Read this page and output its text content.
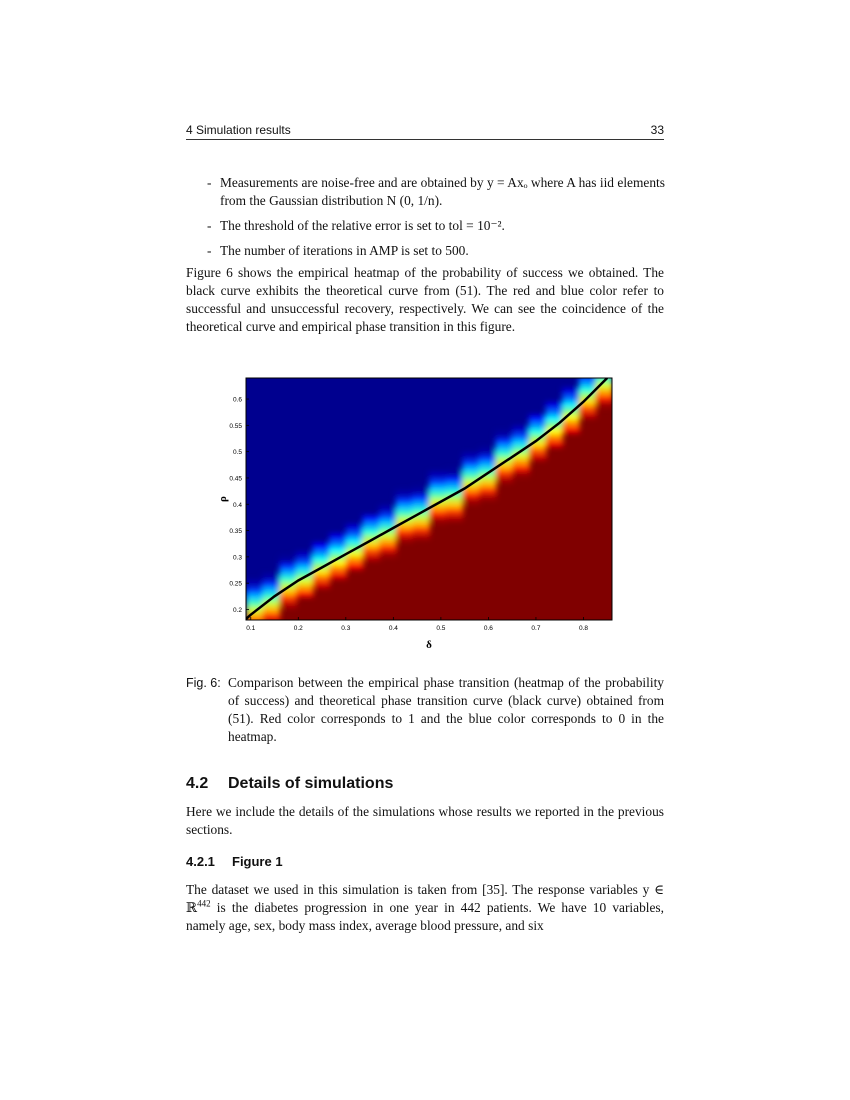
4 Simulation results	33
- Measurements are noise-free and are obtained by y = Axₒ where A has iid elements from the Gaussian distribution N (0, 1/n).
- The threshold of the relative error is set to tol = 10⁻².
- The number of iterations in AMP is set to 500.
Figure 6 shows the empirical heatmap of the probability of success we obtained. The black curve exhibits the theoretical curve from (51). The red and blue color refer to successful and unsuccessful recovery, respectively. We can see the coincidence of the theoretical curve and empirical phase transition in this figure.
0.1	0.2	0.3	0.4	0.5	0.6	0.7	0.8
0.2
0.25
0.3
0.35
0.4
0.45
0.5
0.55
0.6
δ
ρ
Fig. 6: Comparison between the empirical phase transition (heatmap of the probability of success) and theoretical phase transition curve (black curve) obtained from (51). Red color corresponds to 1 and the blue color corresponds to 0 in the heatmap.
4.2 Details of simulations
Here we include the details of the simulations whose results we reported in the previous sections.
4.2.1 Figure 1
The dataset we used in this simulation is taken from [35]. The response variables y ∈ ℝ$^{442}$ is the diabetes progression in one year in 442 patients. We have 10 variables, namely age, sex, body mass index, average blood pressure, and six
